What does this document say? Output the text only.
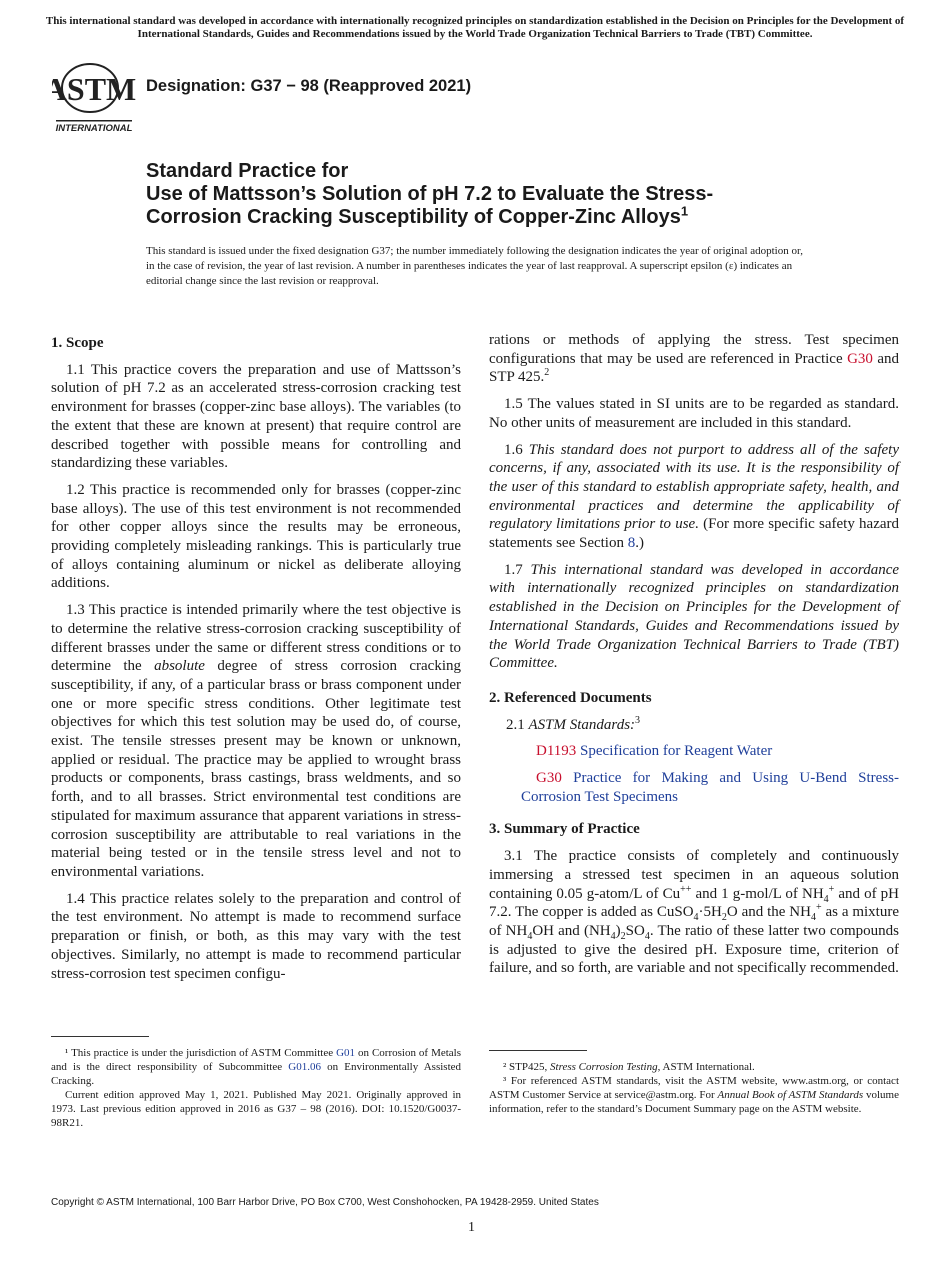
This international standard was developed in accordance with internationally recognized principles on standardization established in the Decision on Principles for the Development of International Standards, Guides and Recommendations issued by the World Trade Organization Technical Barriers to Trade (TBT) Committee.
ASTM
INTERNATIONAL
Designation: G37 − 98 (Reapproved 2021)
Standard Practice for
Use of Mattsson’s Solution of pH 7.2 to Evaluate the Stress-
Corrosion Cracking Susceptibility of Copper-Zinc Alloys$^1$
This standard is issued under the fixed designation G37; the number immediately following the designation indicates the year of original adoption or, in the case of revision, the year of last revision. A number in parentheses indicates the year of last reapproval. A superscript epsilon (ε) indicates an editorial change since the last revision or reapproval.
1. Scope

1.1 This practice covers the preparation and use of Mattsson’s solution of pH 7.2 as an accelerated stress-corrosion cracking test environment for brasses (copper-zinc base alloys). The variables (to the extent that these are known at present) that require control are described together with possible means for controlling and standardizing these variables.

1.2 This practice is recommended only for brasses (copper-zinc base alloys). The use of this test environment is not recommended for other copper alloys since the results may be erroneous, providing completely misleading rankings. This is particularly true of alloys containing aluminum or nickel as deliberate alloying additions.

1.3 This practice is intended primarily where the test objective is to determine the relative stress-corrosion cracking susceptibility of different brasses under the same or different stress conditions or to determine the absolute degree of stress corrosion cracking susceptibility, if any, of a particular brass or brass component under one or more specific stress conditions. Other legitimate test objectives for which this test solution may be used do, of course, exist. The tensile stresses present may be known or unknown, applied or residual. The practice may be applied to wrought brass products or components, brass castings, brass weldments, and so forth, and to all brasses. Strict environmental test conditions are stipulated for maximum assurance that apparent variations in stress-corrosion susceptibility are attributable to real variations in the material being tested or in the tensile stress level and not to environmental variations.

1.4 This practice relates solely to the preparation and control of the test environment. No attempt is made to recommend surface preparation or finish, or both, as this may vary with the test objectives. Similarly, no attempt is made to recommend particular stress-corrosion test specimen configu-

rations or methods of applying the stress. Test specimen configurations that may be used are referenced in Practice G30 and STP 425.$^2$

1.5 The values stated in SI units are to be regarded as standard. No other units of measurement are included in this standard.

1.6 This standard does not purport to address all of the safety concerns, if any, associated with its use. It is the responsibility of the user of this standard to establish appropriate safety, health, and environmental practices and determine the applicability of regulatory limitations prior to use. (For more specific safety hazard statements see Section 8.)

1.7 This international standard was developed in accordance with internationally recognized principles on standardization established in the Decision on Principles for the Development of International Standards, Guides and Recommendations issued by the World Trade Organization Technical Barriers to Trade (TBT) Committee.

2. Referenced Documents

2.1 ASTM Standards:$^3$

D1193 Specification for Reagent Water

G30 Practice for Making and Using U-Bend Stress-Corrosion Test Specimens

3. Summary of Practice

3.1 The practice consists of completely and continuously immersing a stressed test specimen in an aqueous solution containing 0.05 g-atom/L of Cu++ and 1 g-mol/L of $NH_4^+$ and of pH 7.2. The copper is added as $CuSO_4\cdot 5H_2O$ and the $NH_4^+$ as a mixture of $NH_4OH$ and $(NH_4)_2SO_4$. The ratio of these latter two compounds is adjusted to give the desired pH. Exposure time, criterion of failure, and so forth, are variable and not specifically recommended.

¹ This practice is under the jurisdiction of ASTM Committee G01 on Corrosion of Metals and is the direct responsibility of Subcommittee G01.06 on Environmentally Assisted Cracking.

Current edition approved May 1, 2021. Published May 2021. Originally approved in 1973. Last previous edition approved in 2016 as G37 – 98 (2016). DOI: 10.1520/G0037-98R21.

² STP425, Stress Corrosion Testing, ASTM International.

³ For referenced ASTM standards, visit the ASTM website, www.astm.org, or contact ASTM Customer Service at service@astm.org. For Annual Book of ASTM Standards volume information, refer to the standard’s Document Summary page on the ASTM website.

Copyright © ASTM International, 100 Barr Harbor Drive, PO Box C700, West Conshohocken, PA 19428-2959. United States
1
